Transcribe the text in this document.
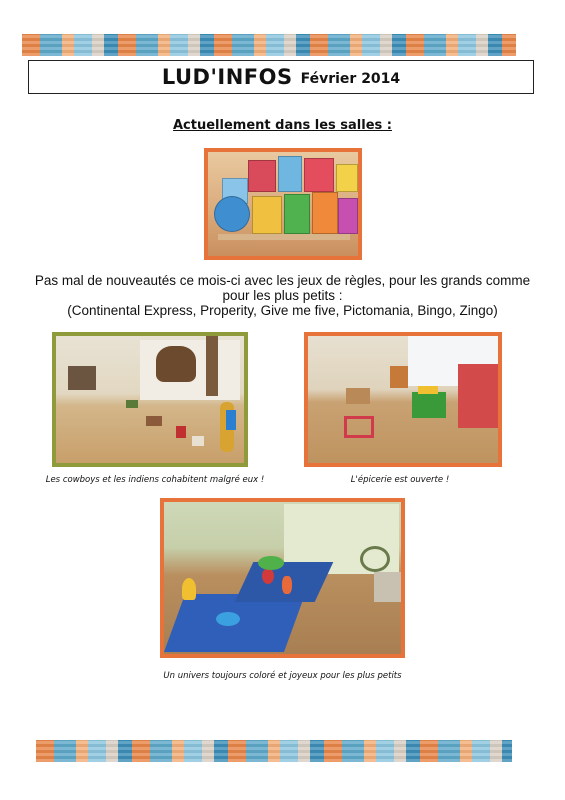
LUD'INFOS Février 2014
Actuellement dans les salles :
Pas mal de nouveautés ce mois-ci avec les jeux de règles, pour les grands comme
pour les plus petits :
(Continental Express, Properity, Give me five, Pictomania, Bingo, Zingo)
Les cowboys et les indiens cohabitent malgré eux !	L'épicerie est ouverte !
Un univers toujours coloré et joyeux pour les plus petits
